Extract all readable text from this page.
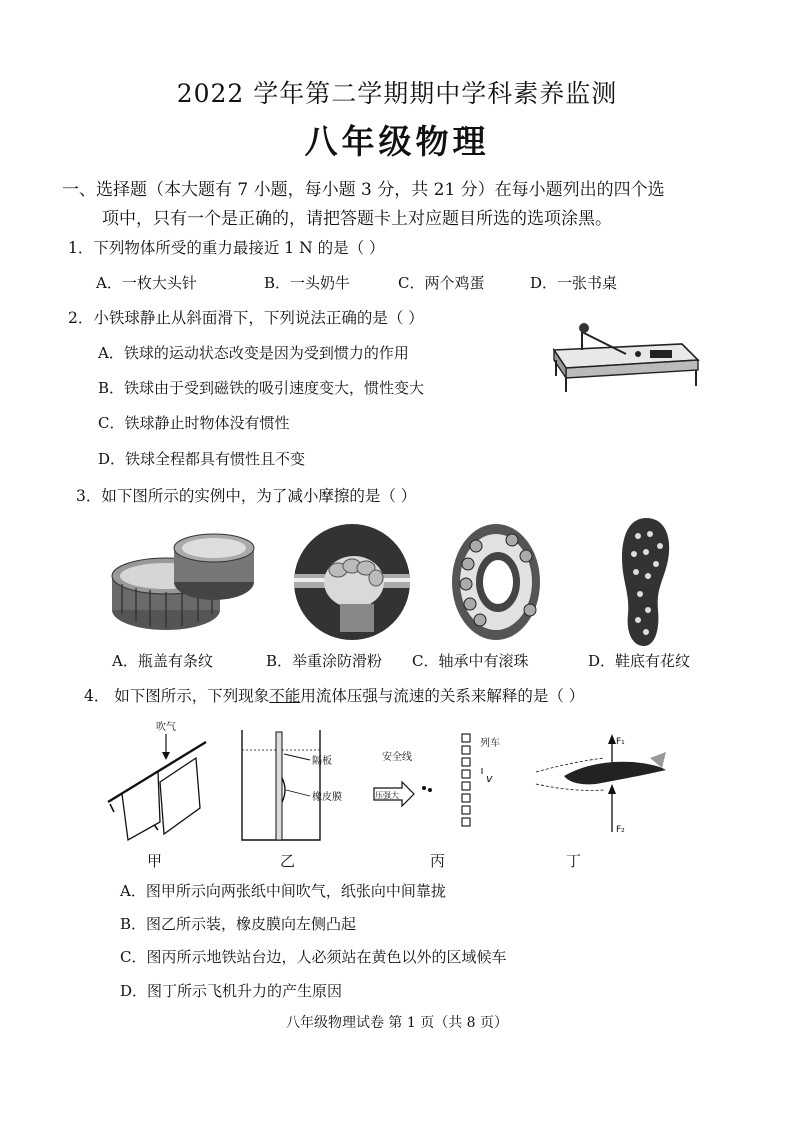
2022 学年第二学期期中学科素养监测
八年级物理
一、选择题（本大题有 7 小题，每小题 3 分，共 21 分）在每小题列出的四个选
项中，只有一个是正确的，请把答题卡上对应题目所选的选项涂黑。
1．下列物体所受的重力最接近 1 N 的是（ ）
A．一枚大头针	B．一头奶牛	C．两个鸡蛋	D．一张书桌
2．小铁球静止从斜面滑下，下列说法正确的是（ ）
A．铁球的运动状态改变是因为受到惯力的作用
B．铁球由于受到磁铁的吸引速度变大，惯性变大
C．铁球静止时物体没有惯性
D．铁球全程都具有惯性且不变
3．如下图所示的实例中，为了减小摩擦的是（ ）
A．瓶盖有条纹	B．举重涂防滑粉 C．轴承中有滚珠	D．鞋底有花纹
4． 如下图所示，下列现象不能用流体压强与流速的关系来解释的是（ ）
吹气
隔板
橡皮膜
安全线
压强大
列车
v
F₁
F₂
甲	乙	丙	丁
A．图甲所示向两张纸中间吹气，纸张向中间靠拢
B．图乙所示装，橡皮膜向左侧凸起
C．图丙所示地铁站台边，人必须站在黄色以外的区域候车
D．图丁所示飞机升力的产生原因
八年级物理试卷 第 1 页（共 8 页）
